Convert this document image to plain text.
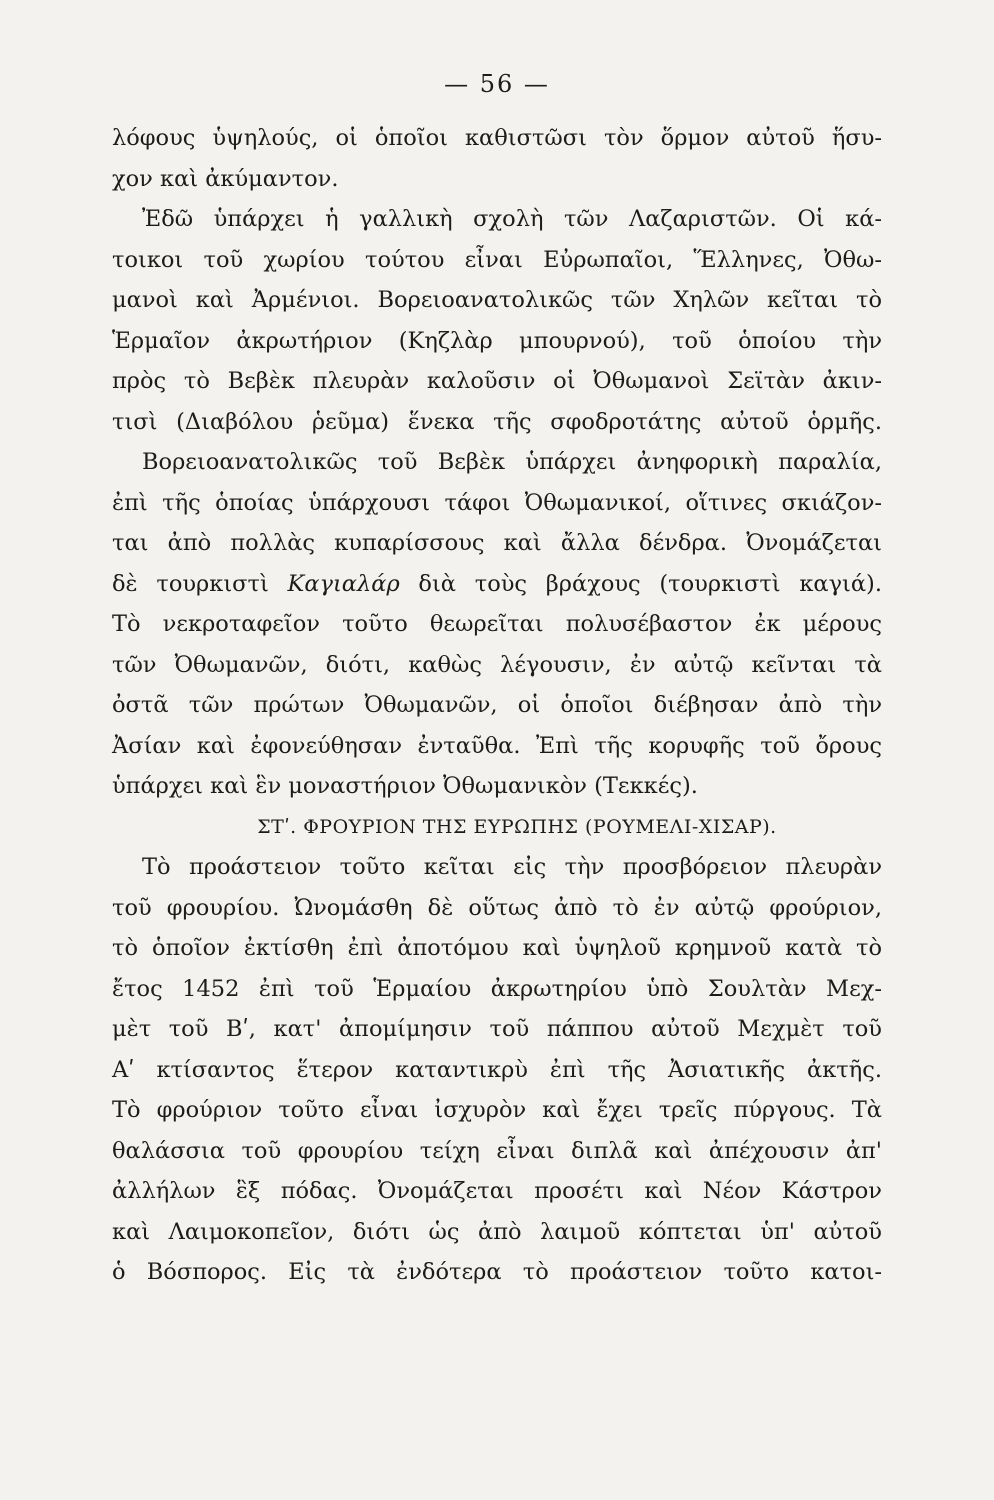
— 56 —
λόφους ὑψηλούς, οἱ ὁποῖοι καθιστῶσι τὸν ὅρμον αὐτοῦ ἥσυ-
χον καὶ ἀκύμαντον.
Ἐδῶ ὑπάρχει ἡ γαλλικὴ σχολὴ τῶν Λαζαριστῶν. Οἱ κά-
τοικοι τοῦ χωρίου τούτου εἶναι Εὐρωπαῖοι, Ἕλληνες, Ὀθω-
μανοὶ καὶ Ἀρμένιοι. Βορειοανατολικῶς τῶν Χηλῶν κεῖται τὸ
Ἑρμαῖον ἀκρωτήριον (Κηζλὰρ μπουρνού), τοῦ ὁποίου τὴν
πρὸς τὸ Βεβὲκ πλευρὰν καλοῦσιν οἱ Ὀθωμανοὶ Σεϊτὰν ἀκιν-
τισὶ (Διαβόλου ῥεῦμα) ἕνεκα τῆς σφοδροτάτης αὐτοῦ ὁρμῆς.
Βορειοανατολικῶς τοῦ Βεβὲκ ὑπάρχει ἀνηφορικὴ παραλία,
ἐπὶ τῆς ὁποίας ὑπάρχουσι τάφοι Ὀθωμανικοί, οἵτινες σκιάζον-
ται ἀπὸ πολλὰς κυπαρίσσους καὶ ἄλλα δένδρα. Ὀνομάζεται
δὲ τουρκιστὶ Καγιαλάρ διὰ τοὺς βράχους (τουρκιστὶ καγιά).
Τὸ νεκροταφεῖον τοῦτο θεωρεῖται πολυσέβαστον ἐκ μέρους
τῶν Ὀθωμανῶν, διότι, καθὼς λέγουσιν, ἐν αὐτῷ κεῖνται τὰ
ὀστᾶ τῶν πρώτων Ὀθωμανῶν, οἱ ὁποῖοι διέβησαν ἀπὸ τὴν
Ἀσίαν καὶ ἐφονεύθησαν ἐνταῦθα. Ἐπὶ τῆς κορυφῆς τοῦ ὄρους
ὑπάρχει καὶ ἓν μοναστήριον Ὀθωμανικὸν (Τεκκές).
ΣΤʹ. ΦΡΟΥΡΙΟΝ ΤΗΣ ΕΥΡΩΠΗΣ (ΡΟΥΜΕΛΙ-ΧΙΣΑΡ).
Τὸ προάστειον τοῦτο κεῖται εἰς τὴν προσβόρειον πλευρὰν
τοῦ φρουρίου. Ὠνομάσθη δὲ οὕτως ἀπὸ τὸ ἐν αὐτῷ φρούριον,
τὸ ὁποῖον ἐκτίσθη ἐπὶ ἀποτόμου καὶ ὑψηλοῦ κρημνοῦ κατὰ τὸ
ἔτος 1452 ἐπὶ τοῦ Ἑρμαίου ἀκρωτηρίου ὑπὸ Σουλτὰν Μεχ-
μὲτ τοῦ Βʹ, κατ' ἀπομίμησιν τοῦ πάππου αὐτοῦ Μεχμὲτ τοῦ
Αʹ κτίσαντος ἕτερον καταντικρὺ ἐπὶ τῆς Ἀσιατικῆς ἀκτῆς.
Τὸ φρούριον τοῦτο εἶναι ἰσχυρὸν καὶ ἔχει τρεῖς πύργους. Τὰ
θαλάσσια τοῦ φρουρίου τείχη εἶναι διπλᾶ καὶ ἀπέχουσιν ἀπ'
ἀλλήλων ἓξ πόδας. Ὀνομάζεται προσέτι καὶ Νέον Κάστρον
καὶ Λαιμοκοπεῖον, διότι ὡς ἀπὸ λαιμοῦ κόπτεται ὑπ' αὐτοῦ
ὁ Βόσπορος. Εἰς τὰ ἐνδότερα τὸ προάστειον τοῦτο κατοι-
